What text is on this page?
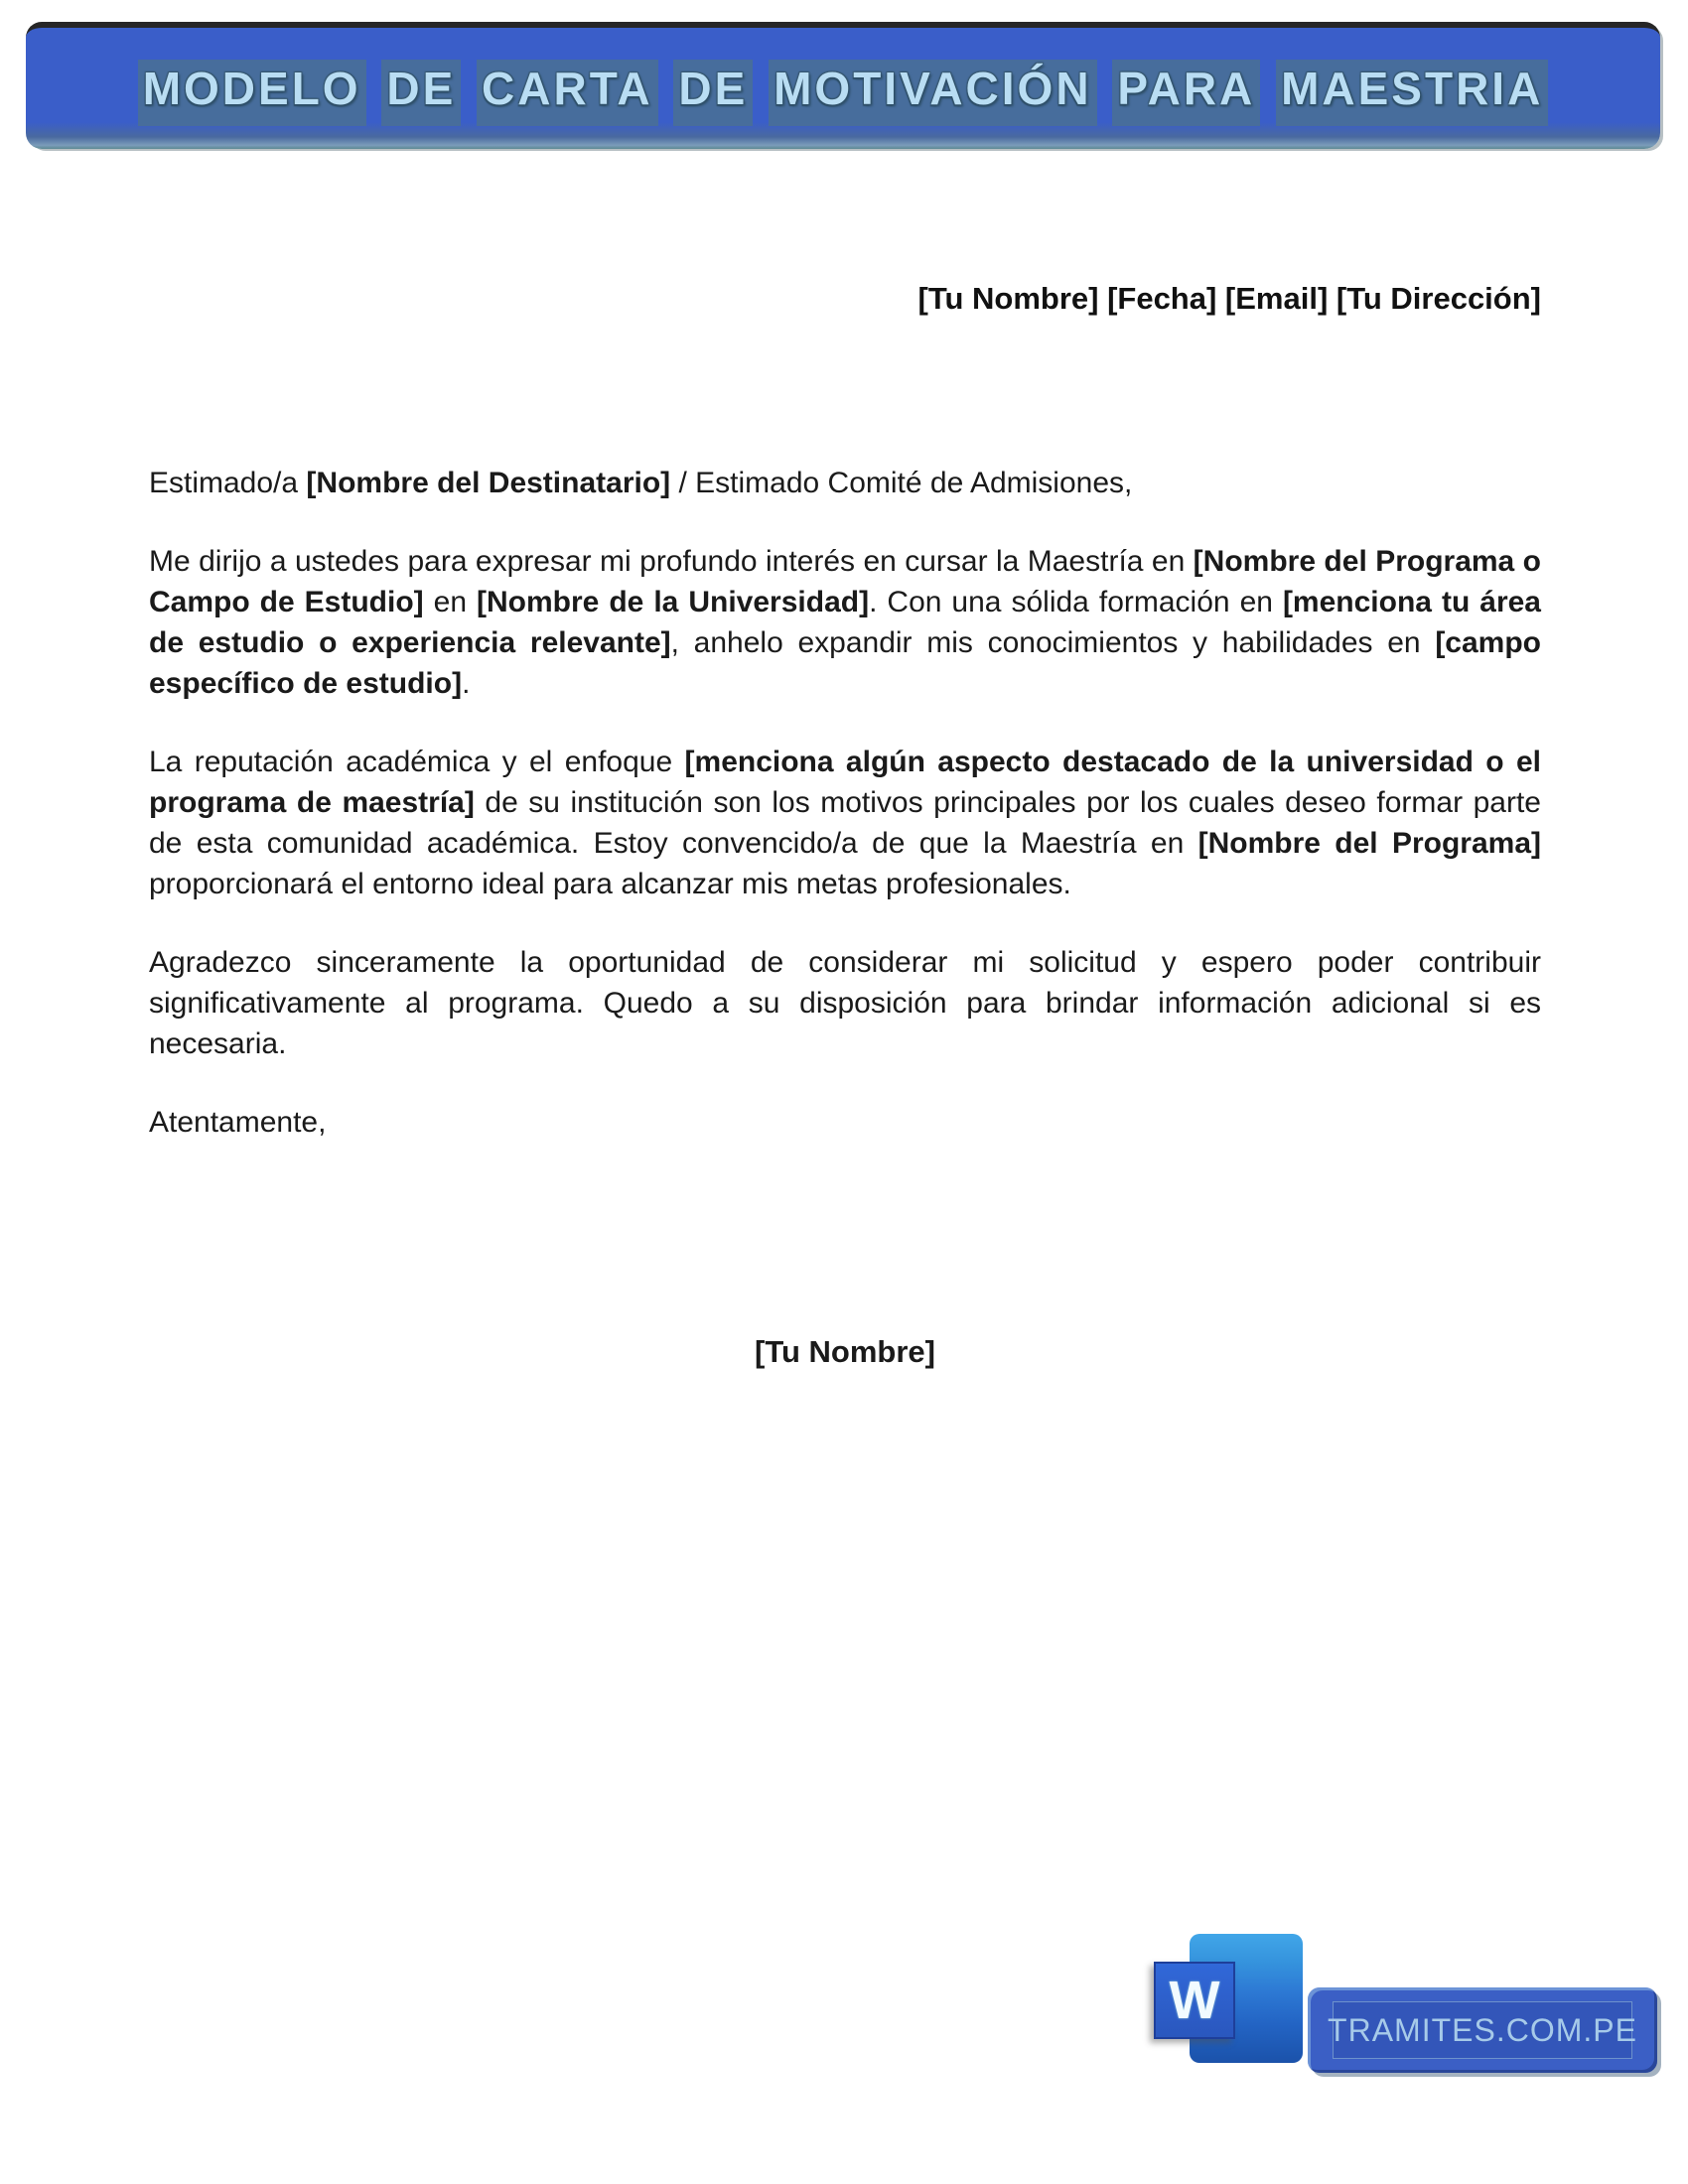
MODELO DE CARTA DE MOTIVACIÓN PARA MAESTRIA
[Tu Nombre] [Fecha] [Email] [Tu Dirección]

Estimado/a [Nombre del Destinatario] / Estimado Comité de Admisiones,

Me dirijo a ustedes para expresar mi profundo interés en cursar la Maestría en [Nombre del Programa o Campo de Estudio] en [Nombre de la Universidad]. Con una sólida formación en [menciona tu área de estudio o experiencia relevante], anhelo expandir mis conocimientos y habilidades en [campo específico de estudio].

La reputación académica y el enfoque [menciona algún aspecto destacado de la universidad o el programa de maestría] de su institución son los motivos principales por los cuales deseo formar parte de esta comunidad académica. Estoy convencido/a de que la Maestría en [Nombre del Programa] proporcionará el entorno ideal para alcanzar mis metas profesionales.

Agradezco sinceramente la oportunidad de considerar mi solicitud y espero poder contribuir significativamente al programa. Quedo a su disposición para brindar información adicional si es necesaria.

Atentamente,

[Tu Nombre]

W	TRAMITES.COM.PE
